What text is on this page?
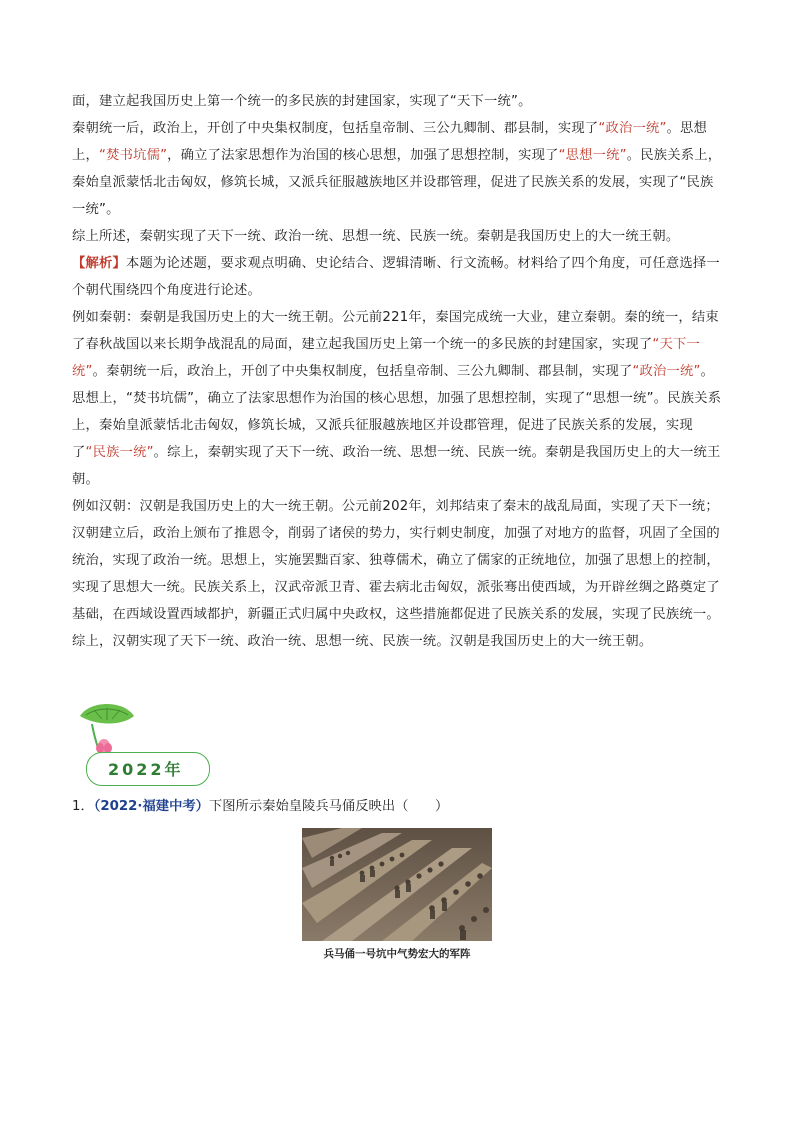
面，建立起我国历史上第一个统一的多民族的封建国家，实现了“天下一统”。

秦朝统一后，政治上，开创了中央集权制度，包括皇帝制、三公九卿制、郡县制，实现了“政治一统”。思想上，“焚书坑儒”，确立了法家思想作为治国的核心思想，加强了思想控制，实现了“思想一统”。民族关系上，秦始皇派蒙恬北击匈奴，修筑长城，又派兵征服越族地区并设郡管理，促进了民族关系的发展，实现了“民族一统”。

综上所述，秦朝实现了天下一统、政治一统、思想一统、民族一统。秦朝是我国历史上的大一统王朝。

【解析】本题为论述题，要求观点明确、史论结合、逻辑清晰、行文流畅。材料给了四个角度，可任意选择一个朝代围绕四个角度进行论述。

例如秦朝：秦朝是我国历史上的大一统王朝。公元前221年，秦国完成统一大业，建立秦朝。秦的统一，结束了春秋战国以来长期争战混乱的局面，建立起我国历史上第一个统一的多民族的封建国家，实现了“天下一统”。秦朝统一后，政治上，开创了中央集权制度，包括皇帝制、三公九卿制、郡县制，实现了“政治一统”。思想上，“焚书坑儒”，确立了法家思想作为治国的核心思想，加强了思想控制，实现了“思想一统”。民族关系上，秦始皇派蒙恬北击匈奴，修筑长城，又派兵征服越族地区并设郡管理，促进了民族关系的发展，实现了“民族一统”。综上，秦朝实现了天下一统、政治一统、思想一统、民族一统。秦朝是我国历史上的大一统王朝。

例如汉朝：汉朝是我国历史上的大一统王朝。公元前202年，刘邦结束了秦末的战乱局面，实现了天下一统；汉朝建立后，政治上颁布了推恩令，削弱了诸侯的势力，实行刺史制度，加强了对地方的监督，巩固了全国的统治，实现了政治一统。思想上，实施罢黜百家、独尊儒术，确立了儒家的正统地位，加强了思想上的控制，实现了思想大一统。民族关系上，汉武帝派卫青、霍去病北击匈奴，派张骞出使西域，为开辟丝绸之路奠定了基础，在西域设置西域都护，新疆正式归属中央政权，这些措施都促进了民族关系的发展，实现了民族统一。综上，汉朝实现了天下一统、政治一统、思想一统、民族一统。汉朝是我国历史上的大一统王朝。

2022年
1．（2022·福建中考）下图所示秦始皇陵兵马俑反映出（　　）
兵马俑一号坑中气势宏大的军阵
